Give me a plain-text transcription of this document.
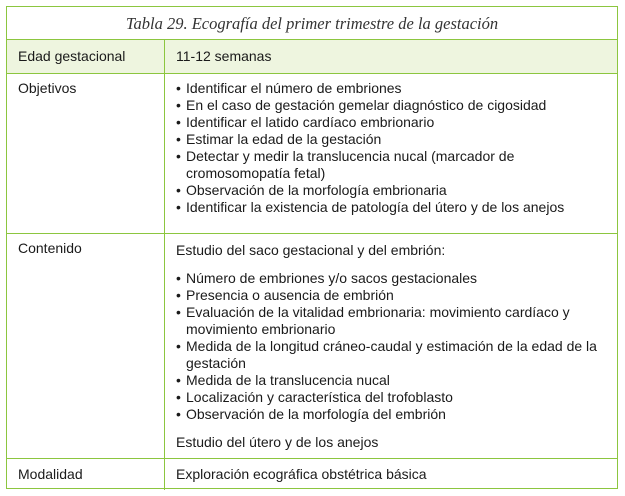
Tabla 29. Ecografía del primer trimestre de la gestación
Edad gestacional	11-12 semanas
Objetivos	• Identificar el número de embriones
• En el caso de gestación gemelar diagnóstico de cigosidad
• Identificar el latido cardíaco embrionario
• Estimar la edad de la gestación
• Detectar y medir la translucencia nucal (marcador de cromosomopatía fetal)
• Observación de la morfología embrionaria
• Identificar la existencia de patología del útero y de los anejos
Contenido	Estudio del saco gestacional y del embrión:
• Número de embriones y/o sacos gestacionales
• Presencia o ausencia de embrión
• Evaluación de la vitalidad embrionaria: movimiento cardíaco y movimiento embrionario
• Medida de la longitud cráneo-caudal y estimación de la edad de la gestación
• Medida de la translucencia nucal
• Localización y característica del trofoblasto
• Observación de la morfología del embrión
Estudio del útero y de los anejos
Modalidad	Exploración ecográfica obstétrica básica
